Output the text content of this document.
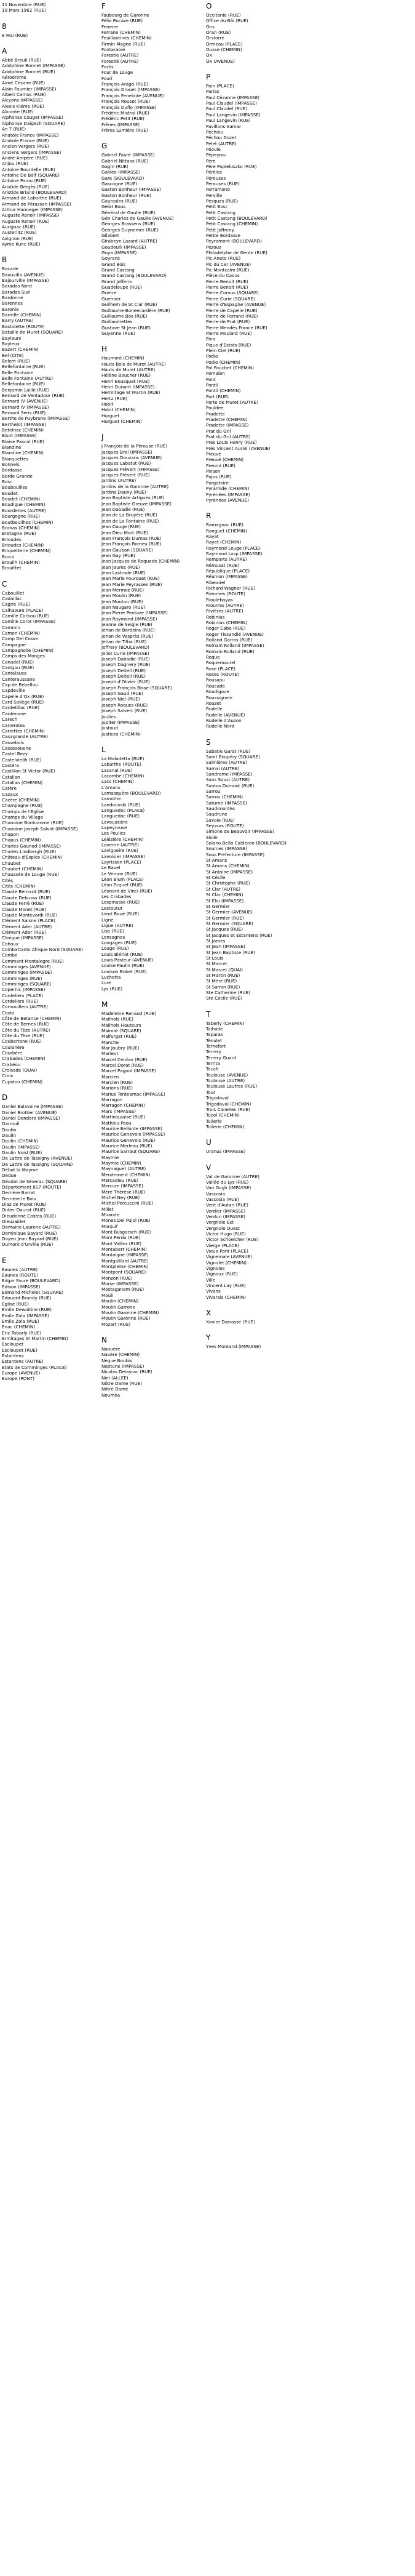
11 Novembre (RUE)
19 Mars 1962 (RUE)
8
8 Mai (RUE)
A
Abbé Breuil (RUE)
Adolphine Bonnet (IMPASSE)
Adolphine Bonnet (RUE)
Aérodrome
Aimé Césaire (RUE)
Alain Fournier (IMPASSE)
Albert Camus (RUE)
Alcyons (IMPASSE)
Alexis Kléme (RUE)
Alicante (RUE)
Alphonse Couget (IMPASSE)
Alphonse Daigech (SQUARE)
An 7 (RUE)
Anatole France (IMPASSE)
Anatole France (RUE)
Ancien Vergers (RUE)
Anciens Vergers (IMPASSE)
André Ampère (RUE)
Anjou (RUE)
Antoine Bourdelle (RUE)
Antoine De Baïf (SQUARE)
Antoine Parou (RUE)
Aristide Bergès (RUE)
Aristide Briand (BOULEVARD)
Armand de Laborthe (RUE)
Armand de Pérassan (IMPASSE)
Arthur Hanneger (IMPASSE)
Auguste Renoir (IMPASSE)
Auguste Renoir (RUE)
Aurignac (RUE)
Austerlitz (RUE)
Avignon (RUE)
Ayme Kunc (RUE)
B
Bacade
Baouvilla (AVENUE)
Bajourville (IMPASSE)
Baradas Nord
Baradas Sud
Bardonne
Barennes
Baronie
Barrelle (CHEMIN)
Barry (AUTRE)
Bastidette (ROUTE)
Bataille de Muret (SQUARE)
Bayleurs
Bayleux
Bazert (CHEMIN)
Bel (CITE)
Belem (RUE)
Bellefontaine (RUE)
Belle Fontaine
Belle Fontaine (AUTRE)
Bellefontaine (RUE)
Benjamin Laille (RUE)
Bernard de Ventadour (RUE)
Bernard IV (AVENUE)
Bernard IV (IMPASSE)
Bernard Seris (RUE)
Berthe de Puybrune (IMPASSE)
Berthelot (IMPASSE)
Betelnac (CHEMIN)
Bisot (IMPASSE)
Blaise Pascal (RUE)
Blandine
Blandine (CHEMIN)
Blanquettes
Bonnels
Bordasse
Borde Grande
Bosc
Boubouilles
Boudet
Boudet (CHEMIN)
Boudigue (CHEMIN)
Bourdettes (AUTRE)
Bourgogne (RUE)
Boutbouilhes (CHEMIN)
Branas (CHEMIN)
Bretagne (RUE)
Brioudes
Brioudes (CHEMIN)
Briquetterie (CHEMIN)
Brocs
Brouilh (CHEMIN)
Brouittet
C
Cabouillet
Cadaillac
Cagire (RUE)
Calhaoure (PLACE)
Camille Corbou (RUE)
Camille Corot (IMPASSE)
Cammin
Camon (CHEMIN)
Camp Del Cosse
Campagne
Campagnolle (CHEMIN)
Camps des Monges
Canadel (RUE)
Canigou (RUE)
Cantalausa
Canteraussane
Cap de Rebellou
Capdeville
Capelle d'Ox (RUE)
Card Saliège (RUE)
Cardetillac (RUE)
Cardenane
Carech
Carrerotes
Carrettes (CHEMIN)
Casagrande (AUTRE)
Cassebois
Cassesouene
Castel Bezy
Castelvieilh (RUE)
Castéra
Castillon St Victor (RUE)
Catallan
Catallan (CHEMIN)
Catère
Cazaux
Cazère (CHEMIN)
Champagne (RUE)
Champs de l'Eglise
Champs du Village
Chanoine Bonhomme (RUE)
Chanoine Joseph Salvat (IMPASSE)
Chapon
Chapus (CHEMIN)
Charles Gounod (IMPASSE)
Charles Lindbergh (RUE)
Château d'Espiès (CHEMIN)
Chaubet
Chaubet (CHEMIN)
Chaussée de Louge (RUE)
Cités
Cités (CHEMIN)
Claude Bernard (RUE)
Claude Debussy (RUE)
Claude Ferré (RUE)
Claude Monet (RUE)
Claude Montevardi (RUE)
Clément Saisne (PLACE)
Clément Ader (AUTRE)
Clément Ader (RUE)
Clinique (IMPASSE)
Cohoux
Combattants Afrique Nord (SQUARE)
Combe
Commant Montalegre (RUE)
Comminges (AVENUE)
Comminges (IMPASSE)
Comminges (RUE)
Comminges (SQUARE)
Copernic (IMPASSE)
Cordeliers (PLACE)
Cordeliers (RUE)
Cornouillers (AUTRE)
Costo
Côte de Betance (CHEMIN)
Côte de Bernes (RUE)
Côte du Tèze (AUTRE)
Côte du Tèze (RUE)
Coubertone (RUE)
Coulanère
Courbère
Crabades (CHEMIN)
Crabéou
Croisade (QUAI)
Croix
Cupidou (CHEMIN)
D
Daniel Balavoine (IMPASSE)
Daniel Brottier (AVENUE)
Daniel Dondoro (IMPASSE)
Darrouil
Daufin
Daulin
Daulin (CHEMIN)
Daulin (IMPASSE)
Daulin Nord (RUE)
De Lattre de Tassigny (AVENUE)
De Lattre de Tassigny (SQUARE)
Débat la Mayme
Dedue
Déodat de Séverac (SQUARE)
Département 817 (ROUTE)
Derrière Barrat
Derrière le Bois
Diaz de Muret (RUE)
Didier Daurat (RUE)
Dieudonné Costes (RUE)
Dieuzaidet
Domaine Laurene (AUTRE)
Dominique Bayard (RUE)
Doyen Jean Bayard (RUE)
Dumont d'Urville (RUE)
E
Eaunes (AUTRE)
Eaunes (ROUTE)
Edgar Faure (BOULEVARD)
Edison (IMPASSE)
Edmond Michelet (SQUARE)
Edouard Brandy (RUE)
Eglise (RUE)
Emile Dewoitine (RUE)
Emile Zola (IMPASSE)
Emile Zola (RUE)
Enac (CHEMIN)
Eric Tabarly (RUE)
Ermitages St Martin (CHEMIN)
Escloupet
Escloupet (RUE)
Estantens
Estantens (AUTRE)
Etats de Comminges (PLACE)
Europe (AVENUE)
Europe (PONT)
F
Faubourg de Garonne
Félix Rocaze (RUE)
Fenerre
Ferrane (CHEMIN)
Feuillantines (CHEMIN)
Firmin Magne (RUE)
Fontarabie
Forestie (AUTRE)
Forestié (AUTRE)
Fortis
Four de Louge
Fouri
François Arago (RUE)
François Drouet (IMPASSE)
François Fenelode (AVENUE)
François Rouset (RUE)
François Duflo (IMPASSE)
Frédéric Mistral (RUE)
Frédéric Petit (RUE)
Frênes (IMPASSE)
Frères Lumière (RUE)
G
Gabriel Fauré (IMPASSE)
Gabriel Nittaas (RUE)
Gagin (RUE)
Galilée (IMPASSE)
Gare (BOULEVARD)
Gascogne (RUE)
Gaston Bonheur (IMPASSE)
Gaston Bonheur (RUE)
Gaurasles (RUE)
Gelat Bous
Général de Gaulle (RUE)
Gén Charles de Gaulle (AVENUE)
Georges Brassens (RUE)
Georges Guynemer (RUE)
Gilabert
Girabeye Lazard (AUTRE)
Goudoulli (IMPASSE)
Goya (IMPASSE)
Goyrans
Grand Bois
Grand Castang
Grand Castang (BOULEVARD)
Grand Jofferrs
Guadeloupe (RUE)
Guerre
Guernier
Guilhem de St Clar (RUE)
Guillaume Boneecardère (RUE)
Guillaume Bos (RUE)
Guillaumettes
Gustave St Jean (RUE)
Guyenne (RUE)
H
Haumont (CHEMIN)
Hauts Bois de Muret (AUTRE)
Hauts de Muret (AUTRE)
Hélène Boucher (RUE)
Henri Bousquet (RUE)
Henri Dunant (IMPASSE)
Hermitage St Martin (RUE)
Hertz (RUE)
Hobit
Hobit (CHEMIN)
Hurguet
Hurguet (CHEMIN)
J
J François de la Pérouse (RUE)
Jacques Brel (IMPASSE)
Jacques Douzans (AVENUE)
Jacques Labatut (RUE)
Jacques Prévert (IMPASSE)
Jacques Prévert (RUE)
Jardins (AUTRE)
Jardins de la Garonne (AUTRE)
Jardins Dauny (RUE)
Jean Baptiste Artigues (RUE)
Jean Baptiste Greuze (IMPASSE)
Jean Dabadie (RUE)
Jean de La Bruyère (RUE)
Jean de La Fontaine (RUE)
Jean Dauge (RUE)
Jean Dieu Mort (RUE)
Jean François Dumas (RUE)
Jean François Romeu (RUE)
Jean Gauban (SQUARE)
Jean Gay (RUE)
Jean Jacques de Roquade (CHEMIN)
Jean Jaurès (RUE)
Jean Lastrade (RUE)
Jean Marie Fourquet (RUE)
Jean Marie Peyrasses (RUE)
Jean Mermoz (RUE)
Jean Moulin (RUE)
Jean Mouton (RUE)
Jean Nougaro (RUE)
Jean Pierre Pentaze (IMPASSE)
Jean Raymond (IMPASSE)
Jeanne de Seigle (RUE)
Jehan de Bordeira (RUE)
Jehan de Vesprès (RUE)
Jehan de Tilha (RUE)
Joffrery (BOULEVARD)
Joliot Curie (IMPASSE)
Joseph Dabadie (RUE)
Joseph Dagnery (RUE)
Joseph Deltell (RUE)
Joseph Deltell (RUE)
Joseph d'Olivier (RUE)
Joseph François Bisse (SQUARE)
Joseph Gaud (RUE)
Joseph Niel (RUE)
Joseph Roques (RUE)
Joseph Salvert (RUE)
Joulies
Jupiter (IMPASSE)
Justoud
Justices (CHEMIN)
L
La Maladetta (RUE)
Labarthe (ROUTE)
Lacanal (RUE)
Lacombe (CHEMIN)
Lacs (CHEMIN)
L'Amans
Lamasquère (BOULEVARD)
Lamothe
Landouvski (RUE)
Languedoc (PLACE)
Languedoc (RUE)
Lavoussière
Lapeyrouse
Les Poulics
Lelézière (CHEMIN)
Laverne (AUTRE)
Lavigueire (RUE)
Lavoisier (IMPASSE)
Layrisson (PLACE)
Le Ravel
Le Vernon (RUE)
Léon Blum (PLACE)
Léon Ecquet (RUE)
Léonard de Vinci (RUE)
Les Crabades
Lespinasse (RUE)
Lestoutut
Lieut Boué (RUE)
Ligne
Ligue (AUTRE)
Lise (RUE)
Lonsagnes
Longages (RUE)
Louge (RUE)
Louis Blériot (RUE)
Louis Pasteur (AVENUE)
Louise Paulin (RUE)
Louison Bobet (RUE)
Luchetta
Lure
Lys (RUE)
M
Madeleine Renaud (RUE)
Mailhols (RUE)
Mailhols Hauteurs
Maimat (SQUARE)
Malfurget (RUE)
Manche
Mar Joubry (RUE)
Marieut
Marcel Cerdan (RUE)
Marcel Dorat (RUE)
Marcel Pagnol (IMPASSE)
Marcien
Marcien (RUE)
Marions (RUE)
Marius Tonteamac (IMPASSE)
Marragon
Marragon (CHEMIN)
Mars (IMPASSE)
Martiniquaise (RUE)
Mathieu Paou
Maurice Bellonte (IMPASSE)
Maurice Genevoix (IMPASSE)
Maurice Genevoix (RUE)
Maurice Merleau (RUE)
Maurice Sarraut (SQUARE)
Maymie
Maymie (CHEMIN)
Maynaguet (AUTRE)
Mendement (CHEMIN)
Mercadieu (RUE)
Mercure (IMPASSE)
Mère Thérèse (RUE)
Michel Ney (RUE)
Michel Percuccini (RUE)
Millet
Mirande
Mones Del Pujol (RUE)
Monjuif
Mont Busgarsch (RUE)
Mont Perdu (RUE)
Mont Vallier (RUE)
Montabert (CHEMIN)
Montaigne (IMPASSE)
Montgaillard (AUTRE)
Montpleine (CHEMIN)
Montpont (SQUARE)
Monzon (RUE)
Morse (IMPASSE)
Mostaganem (RUE)
Mouli
Moulin (CHEMIN)
Moulin Garrone
Moulin Garonne (CHEMIN)
Moulin Garonne (RUE)
Mozart (RUE)
N
Naouère
Navère (CHEMIN)
Nègue Boubis
Neptune (IMPASSE)
Nicolas Delayrac (RUE)
Niel (ALLEE)
Nôtre Dame (RUE)
Nôtre Dame
Noumèa
O
Occitanie (RUE)
Office du Bâi (RUE)
Ons
Oran (RUE)
Orstorre
Ormeau (PLACE)
Ousse (CHEMIN)
Ox
Ox (AVENUE)
P
Pain (PLACE)
Parias
Paul Cézanne (IMPASSE)
Paul Claudel (IMPASSE)
Paul Claudel (RUE)
Paul Langevin (IMPASSE)
Paul Langevin (RUE)
Pavillons Samar
Péchiou
Péchou Dozet
Pelet (AUTRE)
Péoule
Pépeyrou
Père
Père Popieluszko (RUE)
Pérèles
Pérouses
Pérouses (RUE)
Ferramond
Perville
Pesques (RUE)
Petit Bosc
Petit Castang
Petit Castang (BOULEVARD)
Petit Castang (CHEMIN)
Petit Joffreny
Petite Bordasse
Peyramont (BOULEVARD)
Pézous
Philadelphe de Gerde (RUE)
Pic Aneto (RUE)
Pic du Cer (AVENUE)
Pic Montcalm (RUE)
Pièce du Caous
Pierre Benoit (RUE)
Pierre Benoit (RUE)
Pierre Cornus (SQUARE)
Pierre Curie (SQUARE)
Pierre d'Espagne (AVENUE)
Pierre de Capelle (RUE)
Pierre de Ferrand (RUE)
Pierre de Prat (RUE)
Pierre Mendès France (RUE)
Pierre Moulard (RUE)
Pina
Pique d'Estats (RUE)
Plein Ciel (RUE)
Podio
Podio (CHEMIN)
Pol Fouchet (CHEMIN)
Pomaïen
Pont
Pontil
Pontil (CHEMIN)
Port (RUE)
Porte de Muret (AUTRE)
Pouldee
Pradette
Pradette (CHEMIN)
Pradette (IMPASSE)
Prat du Gril
Prat du Gril (AUTRE)
Pres Louis Henry (RUE)
Prés Vincent Auriol (AVENUE)
Preuvé
Preuvé (CHEMIN)
Preund (RUE)
Pinson
Pujos (RUE)
Purgatoire
Pyramide (CHEMIN)
Pyrénées (IMPASSE)
Pyrénées (AVENUE)
R
Ramagnac (RUE)
Ranguet (CHEMIN)
Rayat
Rayet (CHEMIN)
Raymond Leuge (PLACE)
Raymond Losp (IMPASSE)
Remparts (AUTRE)
Rémusat (RUE)
République (PLACE)
Réunion (IMPASSE)
Ribeadel
Richard Wagner (RUE)
Rieumes (ROUTE)
Rioulebayas
Riourres (AUTRE)
Rivières (AUTRE)
Robinias
Robinias (CHEMIN)
Roger Cabe (RUE)
Roger Tissandié (AVENUE)
Rolland Garros (RUE)
Romain Rolland (IMPASSE)
Romain Rolland (RUE)
Roque
Roquemaurel
Rose (PLACE)
Roses (ROUTE)
Rousaou
Roucade
Roudigoue
Roussignole
Rouzet
Rudelle
Rudelle (AVENUE)
Rudelle d'Auzon
Rudelle Nord
S
Sabatie Garat (RUE)
Saint Exupéry (SQUARE)
Salinières (AUTRE)
Samai (AUTRE)
Sandrame (IMPASSE)
Sans Souci (AUTRE)
Santos Dumont (RUE)
Sarrou
Sarrou (CHEMIN)
Saturne (IMPASSE)
Saudimontès
Saudrune
Savoie (RUE)
Seyssas (ROUTE)
Simone de Beauvoir (IMPASSE)
Sisiér
Solano Bello Calderon (BOULEVARD)
Sources (IMPASSE)
Sous Préfecture (IMPASSE)
St Amans
St Amans (CHEMIN)
St Antoine (IMPASSE)
St Cécile
St Christophe (RUE)
St Clar (AUTRE)
St Clar (CHEMIN)
St Eloi (IMPASSE)
St Germier
St Germier (AVENUE)
St Germier (RUE)
St Germier (SQUARE)
St Jacques (RUE)
St Jacques et Estantens (RUE)
St James
St Jean (IMPASSE)
St Jean Baptiste (RUE)
St Louis
St Marcet
St Marcet (QUAI)
St Martin (RUE)
St Mère (RUE)
St Sarnin (RUE)
Ste Catherine (RUE)
Ste Cécile (RUE)
T
Taberly (CHEMIN)
Taihade
Taparas
Tèoulet
Ternefort
Terrery
Terrery Guard
Territa
Touch
Toulouse (AVENUE)
Toulouse (AUTRE)
Toulouse Lautrec (RUE)
Tour
Trigodaval
Trigodaval (CHEMIN)
Trois Canelles (RUE)
Tucol (CHEMIN)
Tuilerie
Tuilerie (CHEMIN)
U
Uranus (IMPASSE)
V
Val de Garonne (AUTRE)
Vallée du Lys (RUE)
Van Gogh (IMPASSE)
Vascosia
Vascosia (RUE)
Vent d'Autan (RUE)
Verdier (IMPASSE)
Verdun (IMPASSE)
Vergnole Est
Vergnole Ouest
Victor Hugo (RUE)
Victor Schoelcher (RUE)
Vierge (PLACE)
Vieux Pont (PLACE)
Vignemale (AVENUE)
Vignolet (CHEMIN)
Vignoles
Vignoux (RUE)
Ville
Vincent Lay (RUE)
Vivans
Vivarais (CHEMIN)
X
Xavier Darrasse (RUE)
Y
Yves Montand (IMPASSE)
